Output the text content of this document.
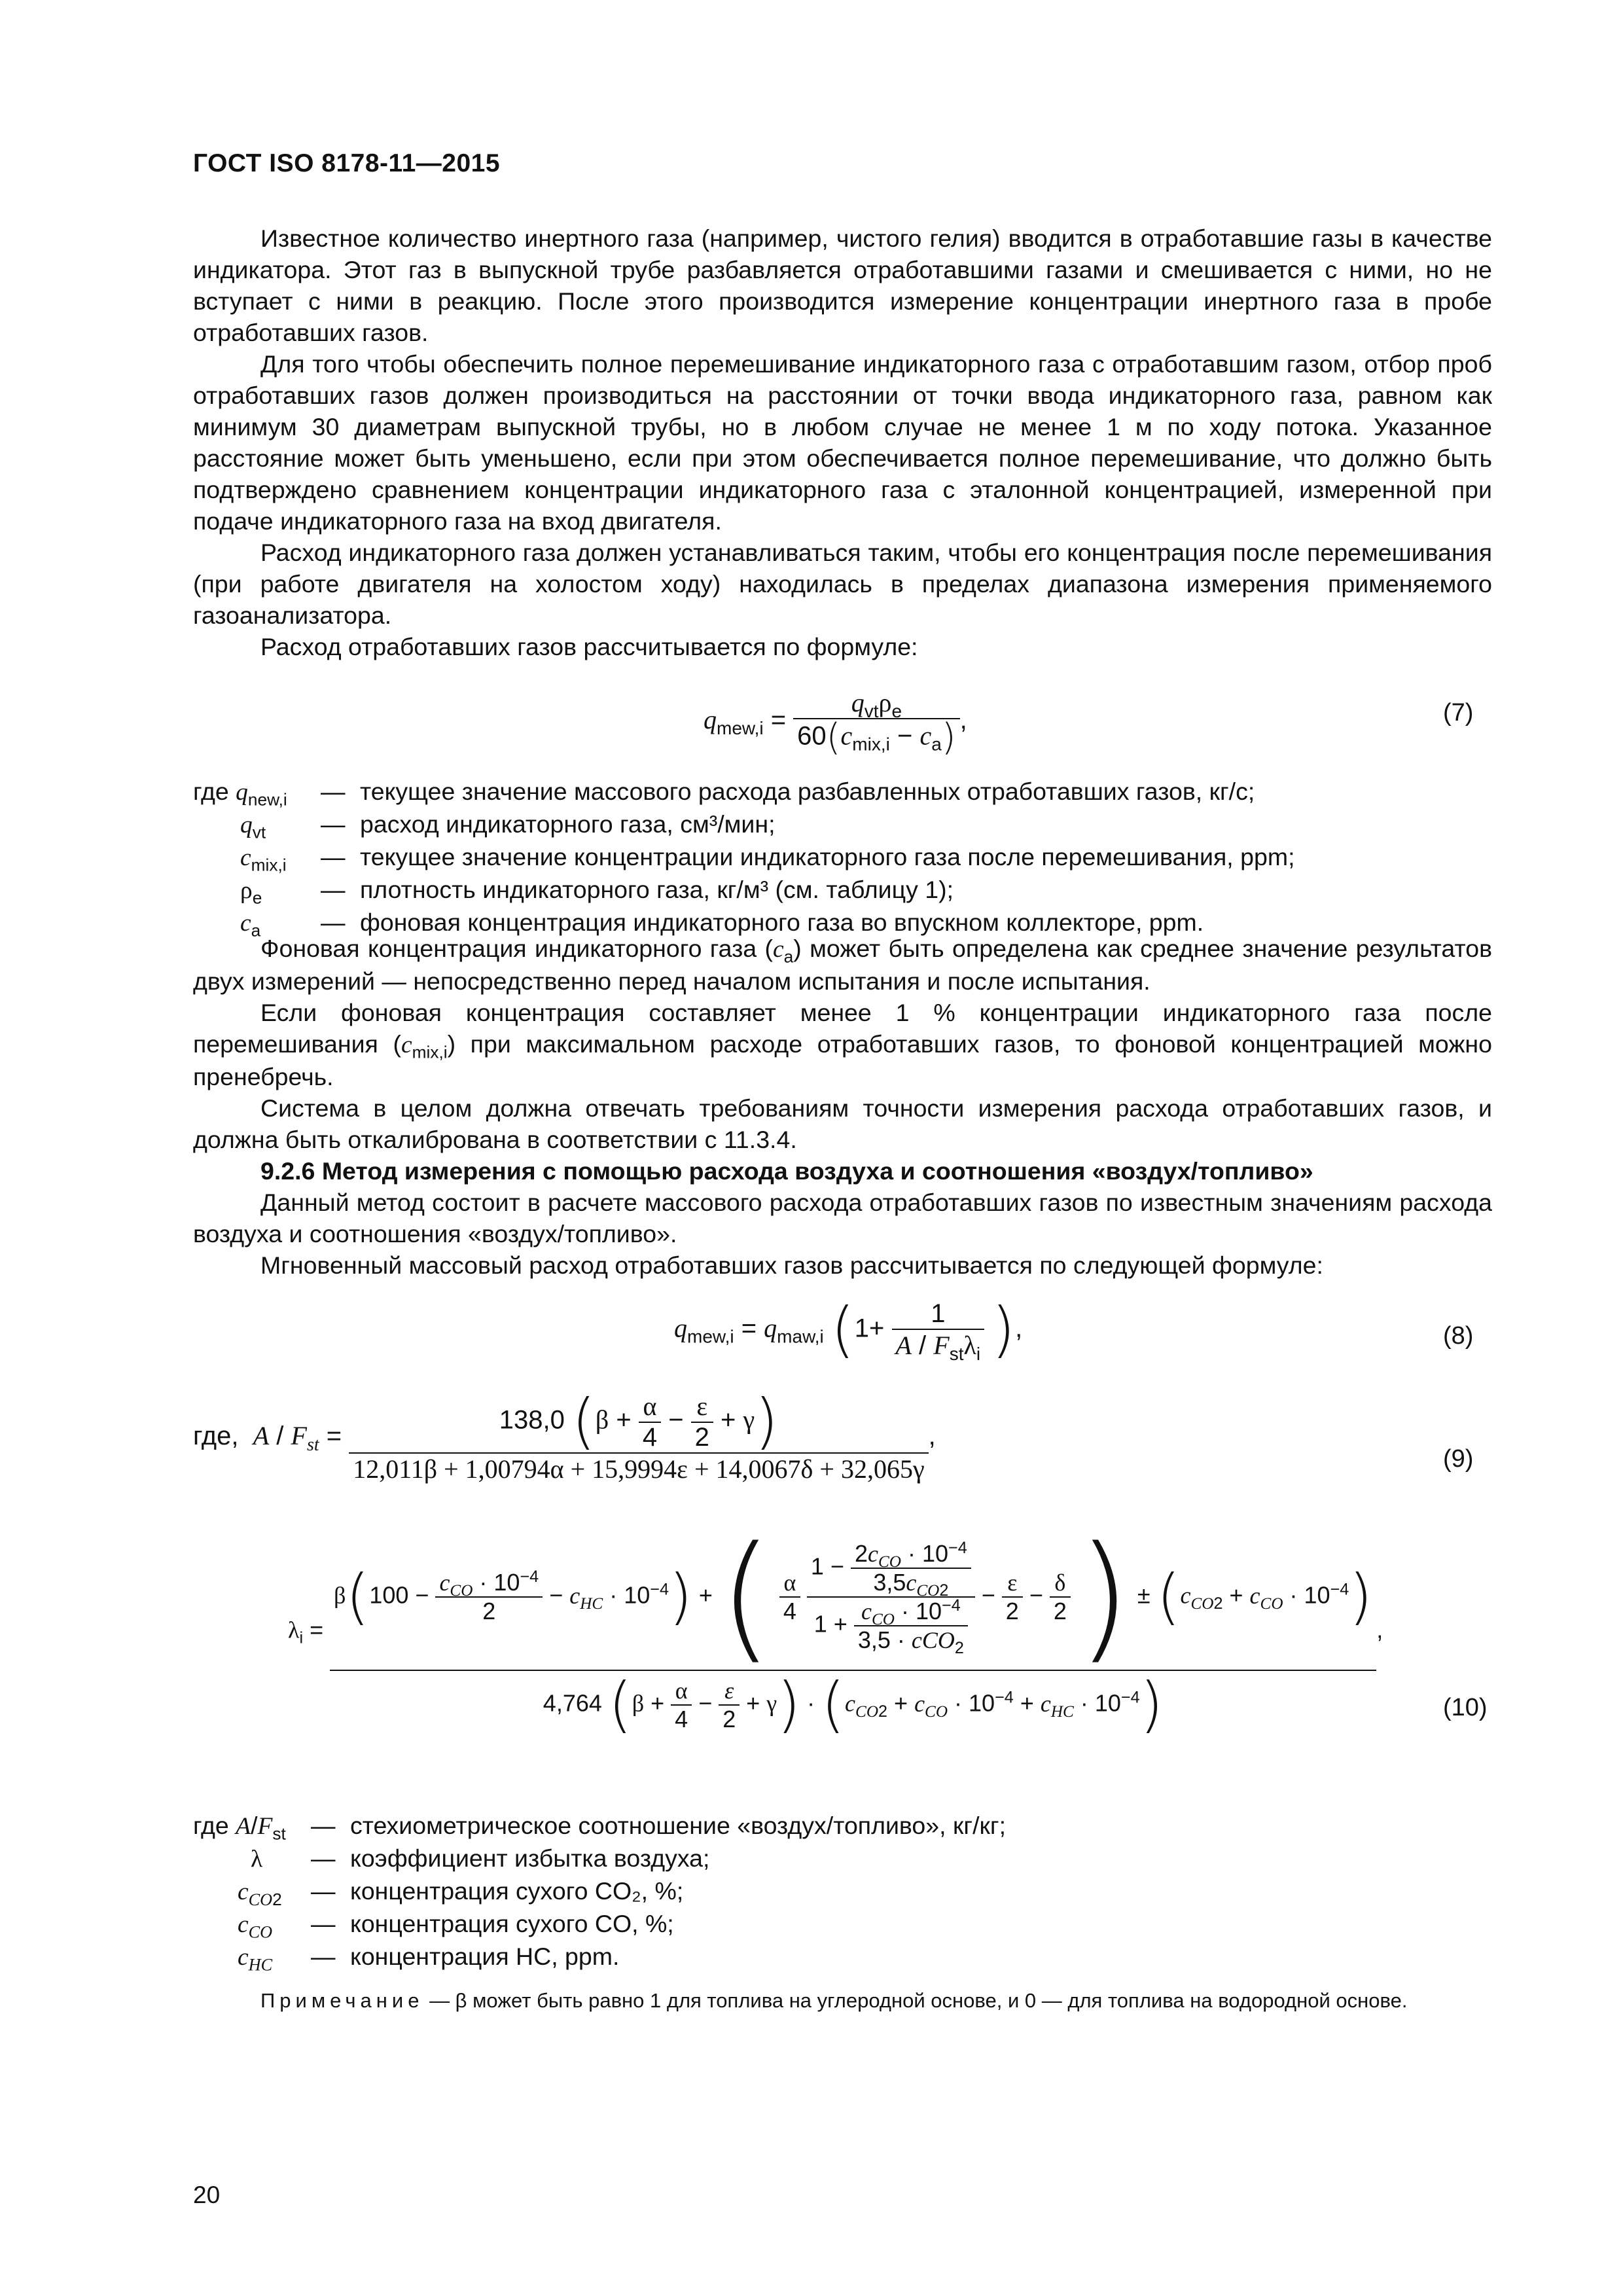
ГОСТ ISO 8178-11—2015

Известное количество инертного газа (например, чистого гелия) вводится в отработавшие газы в качестве индикатора. Этот газ в выпускной трубе разбавляется отработавшими газами и смешивается с ними, но не вступает с ними в реакцию. После этого производится измерение концентрации инертного газа в пробе отработавших газов.

Для того чтобы обеспечить полное перемешивание индикаторного газа с отработавшим газом, отбор проб отработавших газов должен производиться на расстоянии от точки ввода индикаторного газа, равном как минимум 30 диаметрам выпускной трубы, но в любом случае не менее 1 м по ходу потока. Указанное расстояние может быть уменьшено, если при этом обеспечивается полное перемешивание, что должно быть подтверждено сравнением концентрации индикаторного газа с эталонной концентрацией, измеренной при подаче индикаторного газа на вход двигателя.

Расход индикаторного газа должен устанавливаться таким, чтобы его концентрация после перемешивания (при работе двигателя на холостом ходу) находилась в пределах диапазона измерения применяемого газоанализатора.

Расход отработавших газов рассчитывается по формуле:

$q_{mew,i} = \frac{q_{vt}\rho_e}{60(c_{mix,i} - c_a)}$ ,	(7)
где $q_{new,i}$	— текущее значение массового расхода разбавленных отработавших газов, кг/с;
$q_{vt}$	— расход индикаторного газа, см³/мин;
$c_{mix,i}$	— текущее значение концентрации индикаторного газа после перемешивания, ppm;
$\rho_e$	— плотность индикаторного газа, кг/м³ (см. таблицу 1);
$c_a$	— фоновая концентрация индикаторного газа во впускном коллекторе, ppm.

Фоновая концентрация индикаторного газа $(c_a)$ может быть определена как среднее значение результатов двух измерений — непосредственно перед началом испытания и после испытания.

Если фоновая концентрация составляет менее 1 % концентрации индикаторного газа после перемешивания $(c_{mix,i})$ при максимальном расходе отработавших газов, то фоновой концентрацией можно пренебречь.

Система в целом должна отвечать требованиям точности измерения расхода отработавших газов, и должна быть откалибрована в соответствии с 11.3.4.

9.2.6 Метод измерения с помощью расхода воздуха и соотношения «воздух/топливо»

Данный метод состоит в расчете массового расхода отработавших газов по известным значениям расхода воздуха и соотношения «воздух/топливо».

Мгновенный массовый расход отработавших газов рассчитывается по следующей формуле:

$q_{mew,i} = q_{maw,i}$ ($1+ \frac{1}{A / F_{st}\lambda_i}$ ),	(8)
где, $A / F_{st} = \frac{138,0 (\beta + \frac{\alpha}{4} - \frac{\varepsilon}{2} + \gamma)}{12,011\beta + 1,00794\alpha + 15,9994\varepsilon + 14,0067\delta + 32,065\gamma}$ ,
(9)
$\lambda_i$ =
$\beta(100 - \frac{c_{CO} \cdot 10^{-4}}{2} - c_{HC} \cdot 10^{-4})$ + ( $\frac{\alpha}{4}$
$\frac{1 - \frac{2c_{CO} \cdot 10^{-4}}{3,5c_{CO2}}}{1 + \frac{c_{CO} \cdot 10^{-4}}{3,5 \cdot cCO_2}} - \frac{\varepsilon}{2} - \frac{\delta}{2}$ ) ± $(c_{CO2} + c_{CO} \cdot 10^{-4})$
4,764 $(\beta + \frac{\alpha}{4} - \frac{\varepsilon}{2} + \gamma) \cdot (c_{CO2} + c_{CO} \cdot 10^{-4} + c_{HC} \cdot 10^{-4})$
,
(10)
где $A/F_{st}$	— стехиометрическое соотношение «воздух/топливо», кг/кг;
λ	— коэффициент избытка воздуха;
$c_{CO2}$	— концентрация сухого CO₂, %;
$c_{CO}$	— концентрация сухого CO, %;
$c_{HC}$	— концентрация HC, ppm.
Примечание — β может быть равно 1 для топлива на углеродной основе, и 0 — для топлива на водородной основе.
20
